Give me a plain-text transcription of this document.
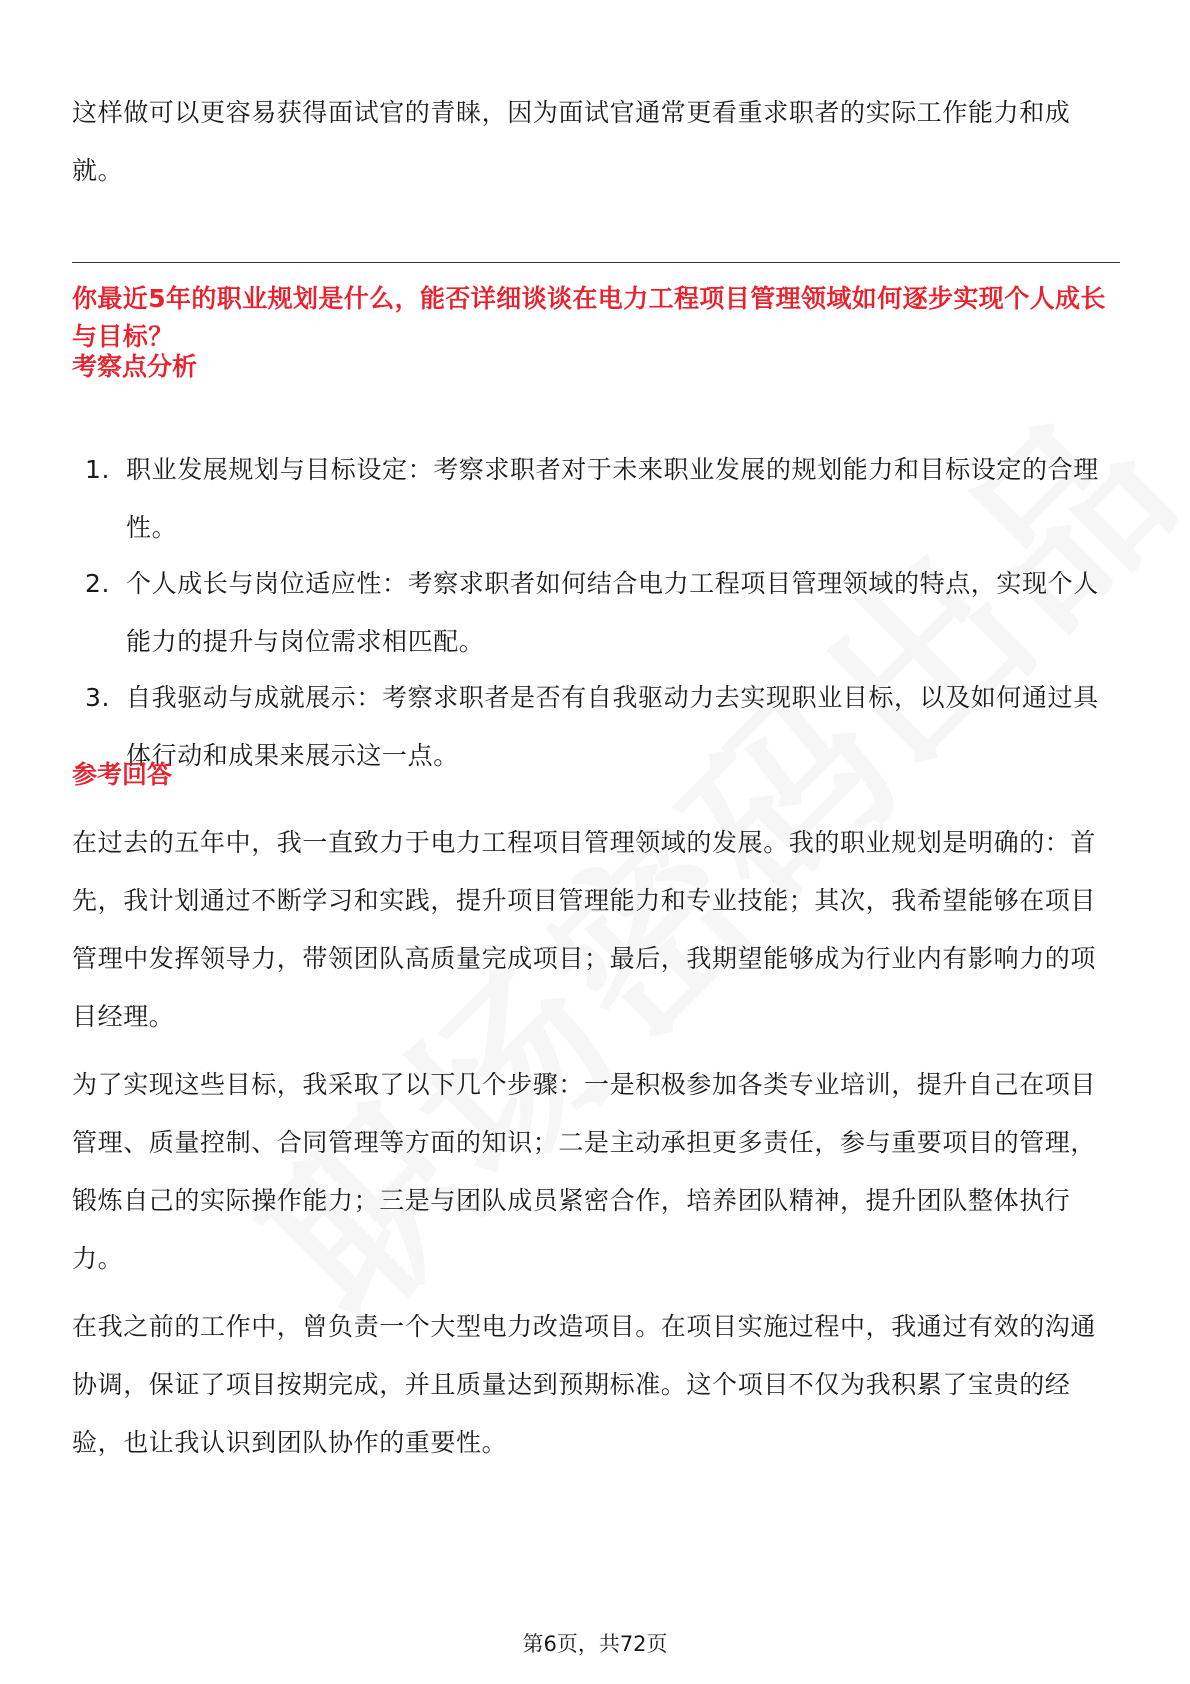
这样做可以更容易获得面试官的青睐，因为面试官通常更看重求职者的实际工作能力和成就。

你最近5年的职业规划是什么，能否详细谈谈在电力工程项目管理领域如何逐步实现个人成长与目标？

考察点分析

1. 职业发展规划与目标设定：考察求职者对于未来职业发展的规划能力和目标设定的合理性。
2. 个人成长与岗位适应性：考察求职者如何结合电力工程项目管理领域的特点，实现个人能力的提升与岗位需求相匹配。
3. 自我驱动与成就展示：考察求职者是否有自我驱动力去实现职业目标，以及如何通过具体行动和成果来展示这一点。

参考回答

在过去的五年中，我一直致力于电力工程项目管理领域的发展。我的职业规划是明确的：首先，我计划通过不断学习和实践，提升项目管理能力和专业技能；其次，我希望能够在项目管理中发挥领导力，带领团队高质量完成项目；最后，我期望能够成为行业内有影响力的项目经理。

为了实现这些目标，我采取了以下几个步骤：一是积极参加各类专业培训，提升自己在项目管理、质量控制、合同管理等方面的知识；二是主动承担更多责任，参与重要项目的管理，锻炼自己的实际操作能力；三是与团队成员紧密合作，培养团队精神，提升团队整体执行力。

在我之前的工作中，曾负责一个大型电力改造项目。在项目实施过程中，我通过有效的沟通协调，保证了项目按期完成，并且质量达到预期标准。这个项目不仅为我积累了宝贵的经验，也让我认识到团队协作的重要性。

第6页，共72页
